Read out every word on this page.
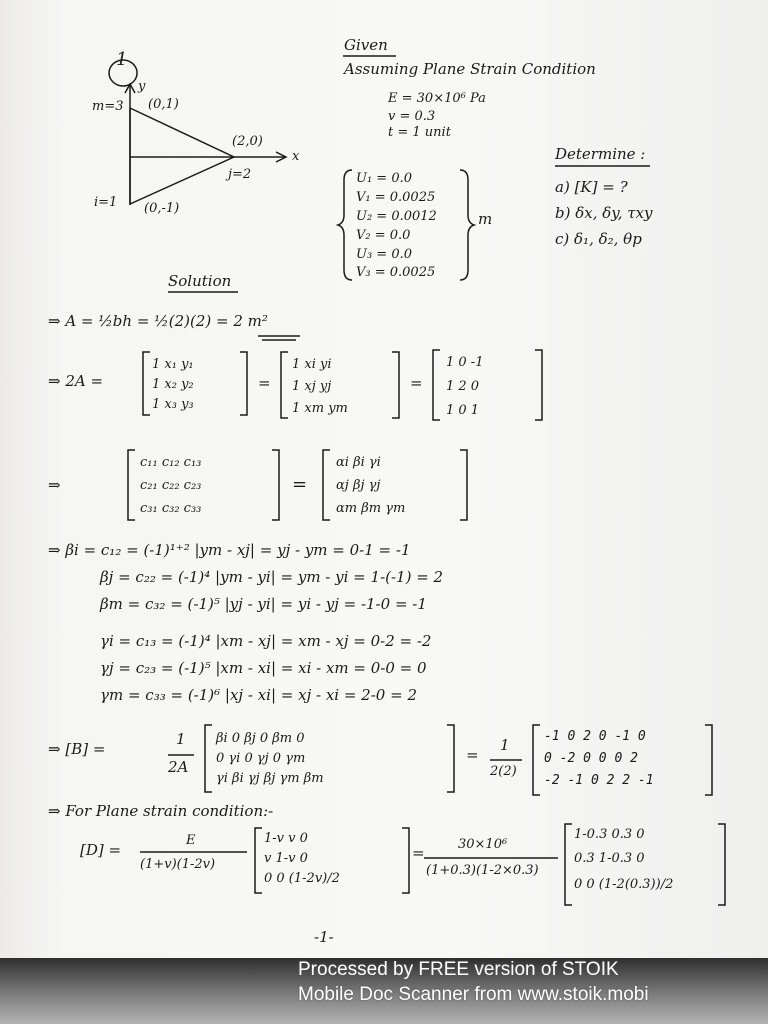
1
y
m=3 (0,1)
(2,0)
x
j=2
i=1 (0,-1)
Given
Assuming Plane Strain Condition
E = 30×10⁶ Pa
v = 0.3
t = 1 unit
U₁ = 0.0
V₁ = 0.0025
U₂ = 0.0012
V₂ = 0.0
U₃ = 0.0
V₃ = 0.0025
m
Determine :
a) [K] = ?
b) δx, δy, τxy
c) δ₁, δ₂, θp
Solution
⇒ A = ½bh = ½(2)(2) = 2 m²
⇒ 2A =
1 x₁ y₁
1 x₂ y₂
1 x₃ y₃
=
1 xi yi
1 xj yj
1 xm ym
=
1 0 -1
1 2 0
1 0 1
⇒
c₁₁ c₁₂ c₁₃
c₂₁ c₂₂ c₂₃
c₃₁ c₃₂ c₃₃
=
αi βi γi
αj βj γj
αm βm γm
⇒ βi = c₁₂ = (-1)¹⁺² |ym - xj| = yj - ym = 0-1 = -1
βj = c₂₂ = (-1)⁴ |ym - yi| = ym - yi = 1-(-1) = 2
βm = c₃₂ = (-1)⁵ |yj - yi| = yi - yj = -1-0 = -1
γi = c₁₃ = (-1)⁴ |xm - xj| = xm - xj = 0-2 = -2
γj = c₂₃ = (-1)⁵ |xm - xi| = xi - xm = 0-0 = 0
γm = c₃₃ = (-1)⁶ |xj - xi| = xj - xi = 2-0 = 2
⇒ [B] =
1
2A
βi 0 βj 0 βm 0
0 γi 0 γj 0 γm
γi βi γj βj γm βm
=
1
2(2)
-1 0 2 0 -1 0
0 -2 0 0 0 2
-2 -1 0 2 2 -1
⇒ For Plane strain condition:-
[D] =
E
(1+v)(1-2v)
1-v v 0
v 1-v 0
0 0 (1-2v)/2
=	30×10⁶
(1+0.3)(1-2×0.3)
1-0.3 0.3 0
0.3 1-0.3 0
0 0 (1-2(0.3))/2
-1-
Processed by FREE version of STOIK
Mobile Doc Scanner from www.stoik.mobi
